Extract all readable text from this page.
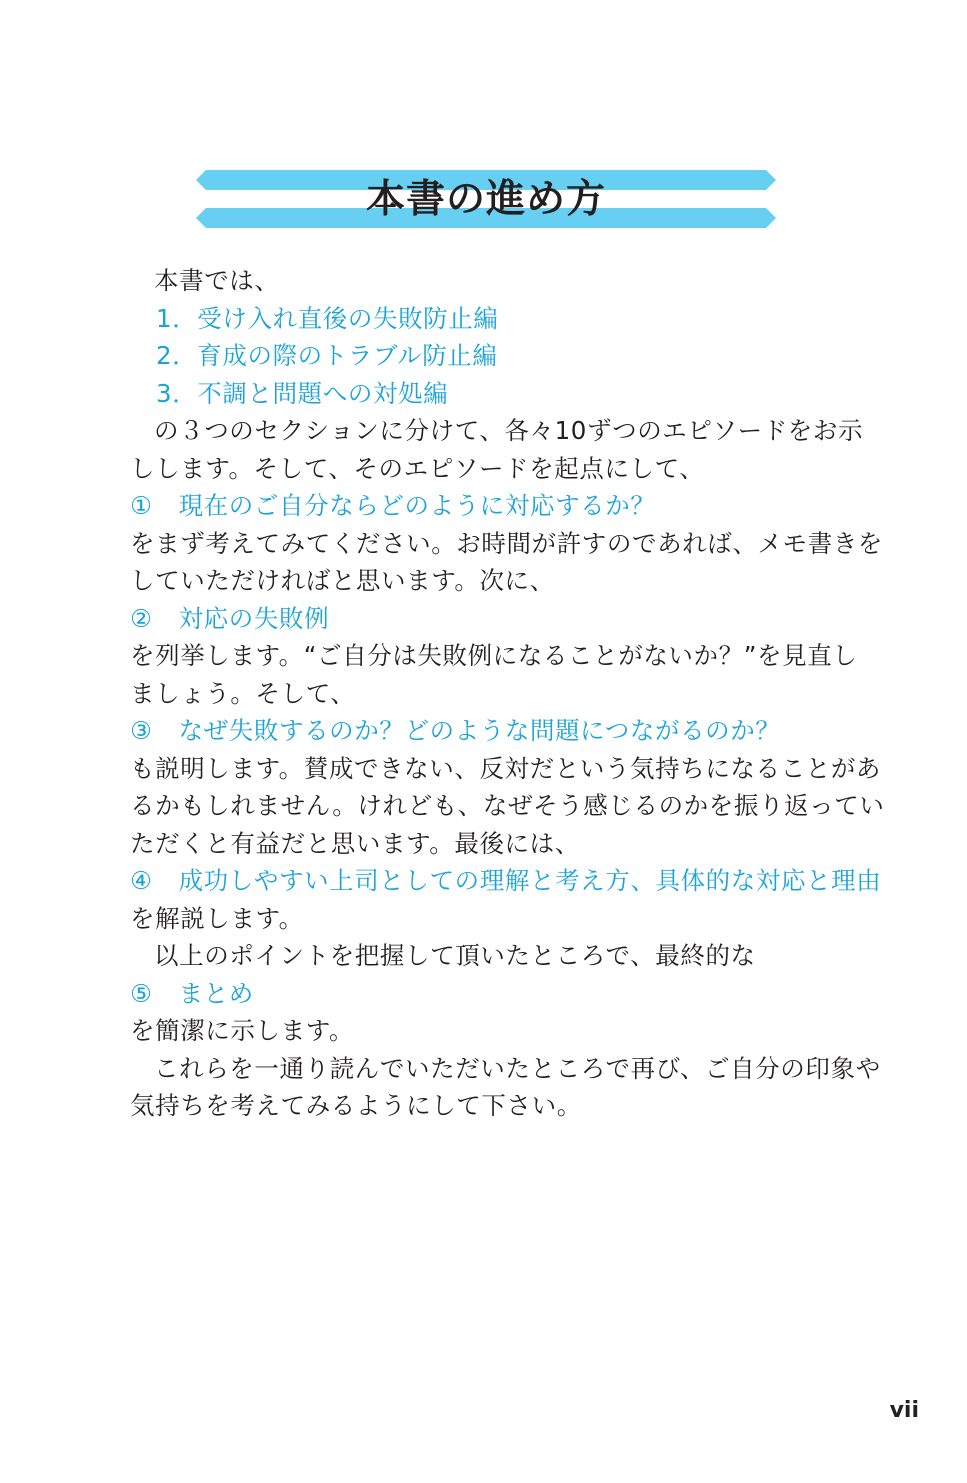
本書の進め方
本書では、
1．受け入れ直後の失敗防止編
2．育成の際のトラブル防止編
3．不調と問題への対処編
の３つのセクションに分けて、各々10ずつのエピソードをお示
しします。そして、そのエピソードを起点にして、
① 現在のご自分ならどのように対応するか？
をまず考えてみてください。お時間が許すのであれば、メモ書きを
していただければと思います。次に、
② 対応の失敗例
を列挙します。“ご自分は失敗例になることがないか？”を見直し
ましょう。そして、
③ なぜ失敗するのか？どのような問題につながるのか？
も説明します。賛成できない、反対だという気持ちになることがあ
るかもしれません。けれども、なぜそう感じるのかを振り返ってい
ただくと有益だと思います。最後には、
④ 成功しやすい上司としての理解と考え方、具体的な対応と理由
を解説します。
以上のポイントを把握して頂いたところで、最終的な
⑤ まとめ
を簡潔に示します。
これらを一通り読んでいただいたところで再び、ご自分の印象や
気持ちを考えてみるようにして下さい。
vii
